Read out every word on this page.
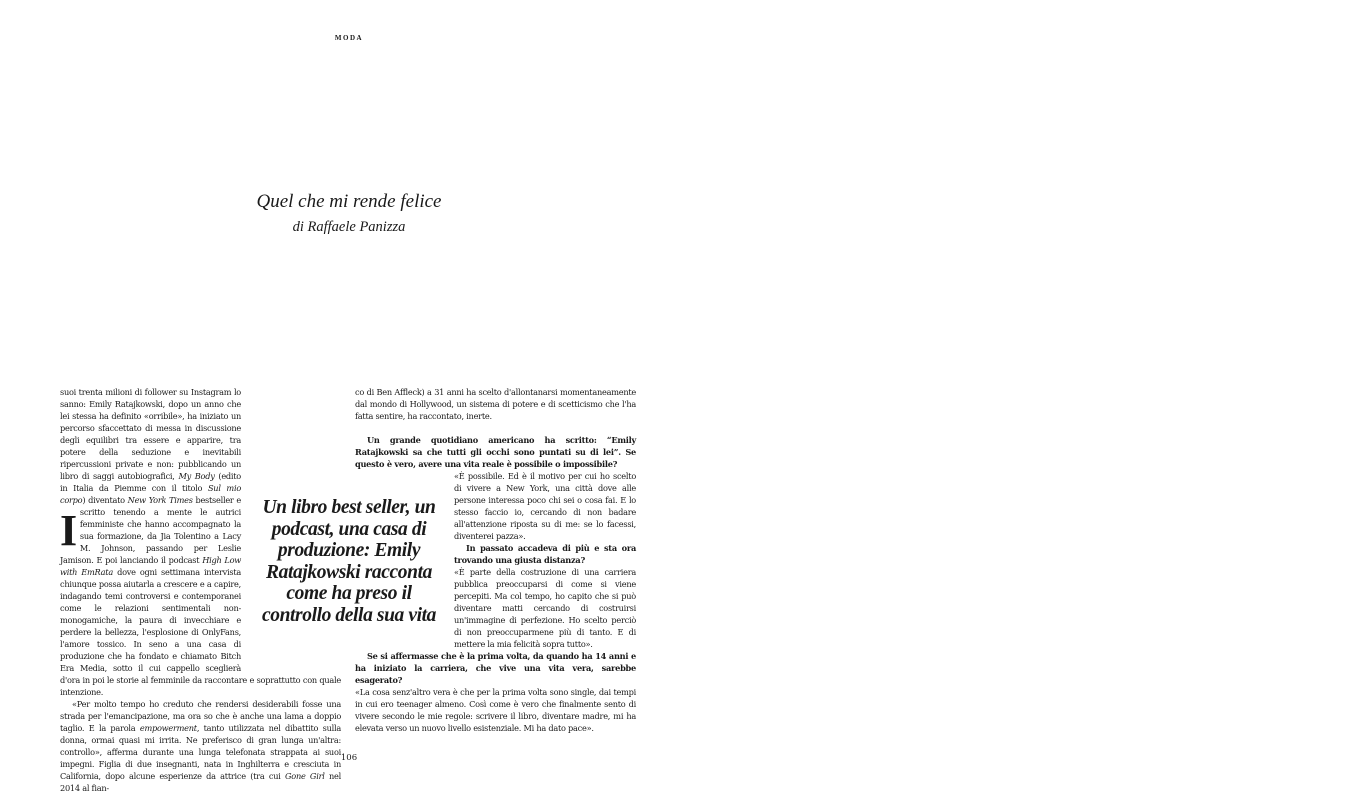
MODA
Quel che mi rende felice
di Raffaele Panizza

I
suoi trenta milioni di follower su Instagram lo sanno: Emily Ratajkowski, dopo un anno che lei stessa ha definito «orribile», ha iniziato un percorso sfaccettato di messa in discussione degli equilibri tra essere e apparire, tra potere della seduzione e inevitabili ripercussioni private e non: pubblicando un libro di saggi autobiografici, My Body (edito in Italia da Piemme con il titolo Sul mio corpo) diventato New York Times bestseller e scritto tenendo a mente le autrici femministe che hanno accompagnato la sua formazione, da Jia Tolentino a Lacy M. Johnson, passando per Leslie Jamison. E poi lanciando il podcast High Low with EmRata dove ogni settimana intervista chiunque possa aiutarla a crescere e a capire, indagando temi controversi e contemporanei come le relazioni sentimentali non-monogamiche, la paura di invecchiare e perdere la bellezza, l'esplosione di OnlyFans, l'amore tossico. In seno a una casa di produzione che ha fondato e chiamato Bitch Era Media, sotto il cui cappello sceglierà d'ora in poi le storie al femminile da raccontare e soprattutto con quale intenzione.

«Per molto tempo ho creduto che rendersi desiderabili fosse una strada per l'emancipazione, ma ora so che è anche una lama a doppio taglio. E la parola empowerment, tanto utilizzata nel dibattito sulla donna, ormai quasi mi irrita. Ne preferisco di gran lunga un'altra: controllo», afferma durante una lunga telefonata strappata ai suoi impegni. Figlia di due insegnanti, nata in Inghilterra e cresciuta in California, dopo alcune esperienze da attrice (tra cui Gone Girl nel 2014 al fian-

co di Ben Affleck) a 31 anni ha scelto d'allontanarsi momentaneamente dal mondo di Hollywood, un sistema di potere e di scetticismo che l'ha fatta sentire, ha raccontato, inerte.

Un grande quotidiano americano ha scritto: “Emily Ratajkowski sa che tutti gli occhi sono puntati su di lei”. Se questo è vero, avere una vita reale è possibile o impossibile?

«È possibile. Ed è il motivo per cui ho scelto di vivere a New York, una città dove alle persone interessa poco chi sei o cosa fai. E lo stesso faccio io, cercando di non badare all'attenzione riposta su di me: se lo facessi, diventerei pazza».

In passato accadeva di più e sta ora trovando una giusta distanza?

«È parte della costruzione di una carriera pubblica preoccuparsi di come si viene percepiti. Ma col tempo, ho capito che si può diventare matti cercando di costruirsi un'immagine di perfezione. Ho scelto perciò di non preoccuparmene più di tanto. E di mettere la mia felicità sopra tutto».

Se si affermasse che è la prima volta, da quando ha 14 anni e ha iniziato la carriera, che vive una vita vera, sarebbe esagerato?

«La cosa senz'altro vera è che per la prima volta sono single, dai tempi in cui ero teenager almeno. Così come è vero che finalmente sento di vivere secondo le mie regole: scrivere il libro, diventare madre, mi ha elevata verso un nuovo livello esistenziale. Mi ha dato pace».

Un libro best seller, un podcast, una casa di produzione: Emily Ratajkowski racconta come ha preso il controllo della sua vita
106
